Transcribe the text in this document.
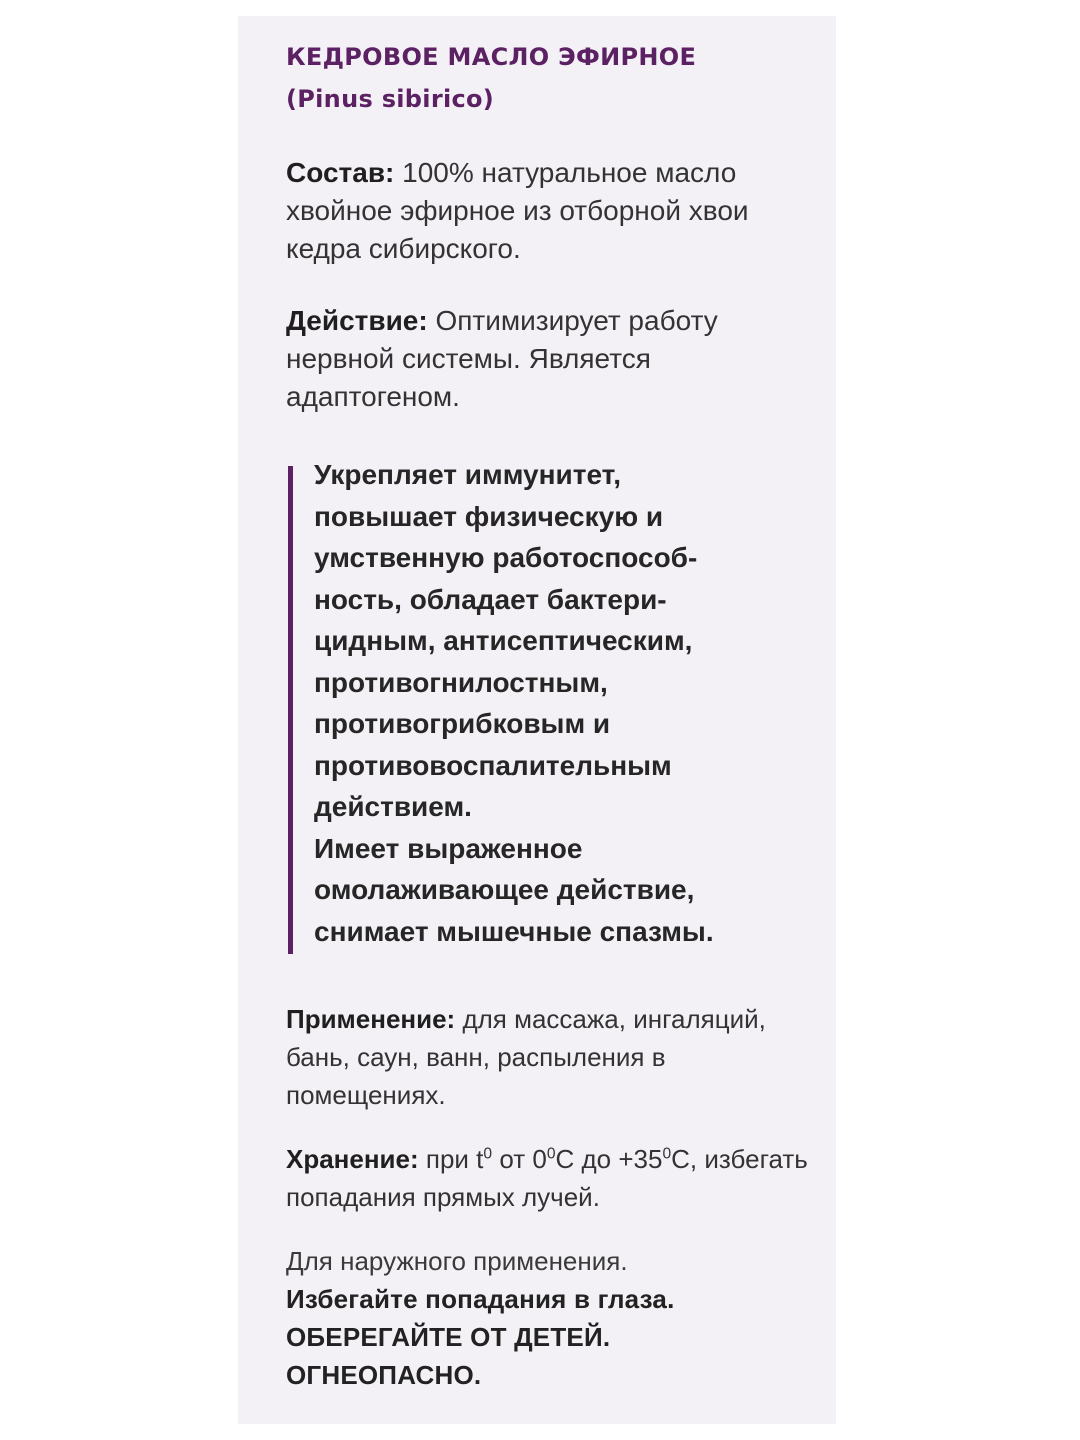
КЕДРОВОЕ МАСЛО ЭФИРНОЕ
(Pinus sibirico)

Состав: 100% натуральное масло хвойное эфирное из отборной хвои кедра сибирского.

Действие: Оптимизирует работу нервной системы. Является адаптогеном.

Укрепляет иммунитет,
повышает физическую и
умственную работоспособ-
ность, обладает бактери-
цидным, антисептическим,
противогнилостным,
противогрибковым и
противовоспалительным
действием.
Имеет выраженное
омолаживающее действие,
снимает мышечные спазмы.

Применение: для массажа, ингаляций, бань, саун, ванн, распыления в помещениях.

Хранение: при $t^0$ от $0^0С$ до $+35^0С$, избегать попадания прямых лучей.

Для наружного применения.
Избегайте попадания в глаза.
ОБЕРЕГАЙТЕ ОТ ДЕТЕЙ.
ОГНЕОПАСНО.
